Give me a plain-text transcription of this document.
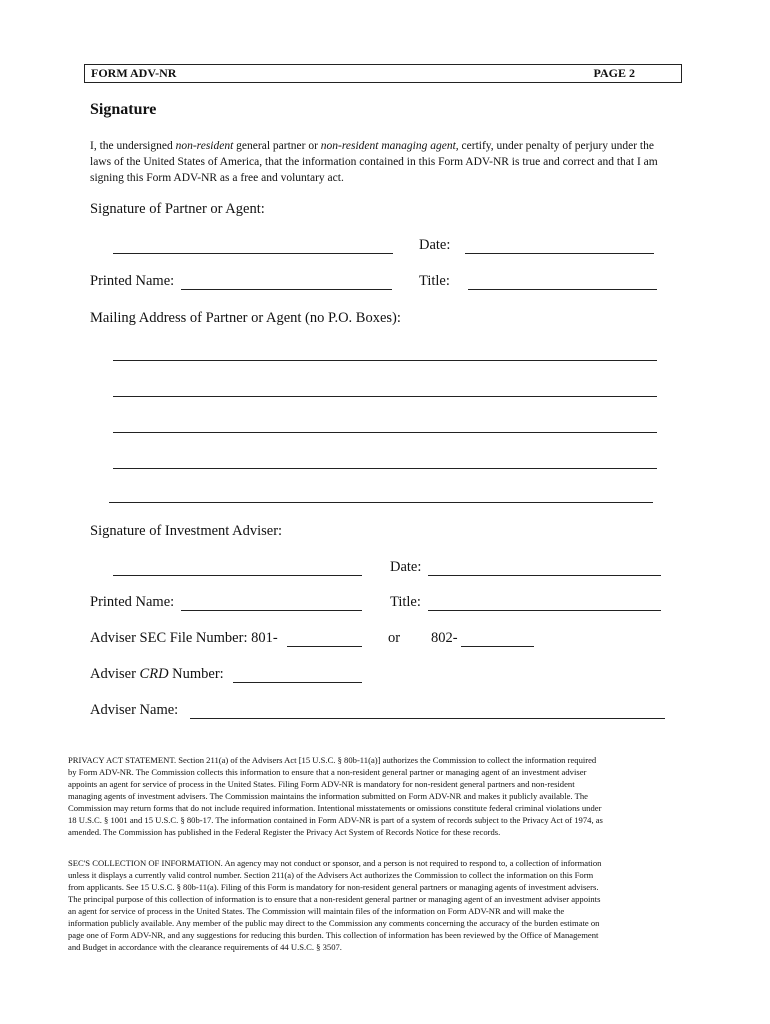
FORM ADV-NR	PAGE 2
Signature
I, the undersigned non-resident general partner or non-resident managing agent, certify, under penalty of perjury under the laws of the United States of America, that the information contained in this Form ADV-NR is true and correct and that I am signing this Form ADV-NR as a free and voluntary act.
Signature of Partner or Agent:
Date:
Printed Name:	Title:
Mailing Address of Partner or Agent (no P.O. Boxes):
Signature of Investment Adviser:
Date:
Printed Name:	Title:
Adviser SEC File Number: 801-	or 802-
Adviser CRD Number:
Adviser Name:
PRIVACY ACT STATEMENT. Section 211(a) of the Advisers Act [15 U.S.C. § 80b-11(a)] authorizes the Commission to collect the information required
by Form ADV-NR. The Commission collects this information to ensure that a non-resident general partner or managing agent of an investment adviser
appoints an agent for service of process in the United States. Filing Form ADV-NR is mandatory for non-resident general partners and non-resident
managing agents of investment advisers. The Commission maintains the information submitted on Form ADV-NR and makes it publicly available. The
Commission may return forms that do not include required information. Intentional misstatements or omissions constitute federal criminal violations under
18 U.S.C. § 1001 and 15 U.S.C. § 80b-17. The information contained in Form ADV-NR is part of a system of records subject to the Privacy Act of 1974, as
amended. The Commission has published in the Federal Register the Privacy Act System of Records Notice for these records.
SEC'S COLLECTION OF INFORMATION. An agency may not conduct or sponsor, and a person is not required to respond to, a collection of information
unless it displays a currently valid control number. Section 211(a) of the Advisers Act authorizes the Commission to collect the information on this Form
from applicants. See 15 U.S.C. § 80b-11(a). Filing of this Form is mandatory for non-resident general partners or managing agents of investment advisers.
The principal purpose of this collection of information is to ensure that a non-resident general partner or managing agent of an investment adviser appoints
an agent for service of process in the United States. The Commission will maintain files of the information on Form ADV-NR and will make the
information publicly available. Any member of the public may direct to the Commission any comments concerning the accuracy of the burden estimate on
page one of Form ADV-NR, and any suggestions for reducing this burden. This collection of information has been reviewed by the Office of Management
and Budget in accordance with the clearance requirements of 44 U.S.C. § 3507.
